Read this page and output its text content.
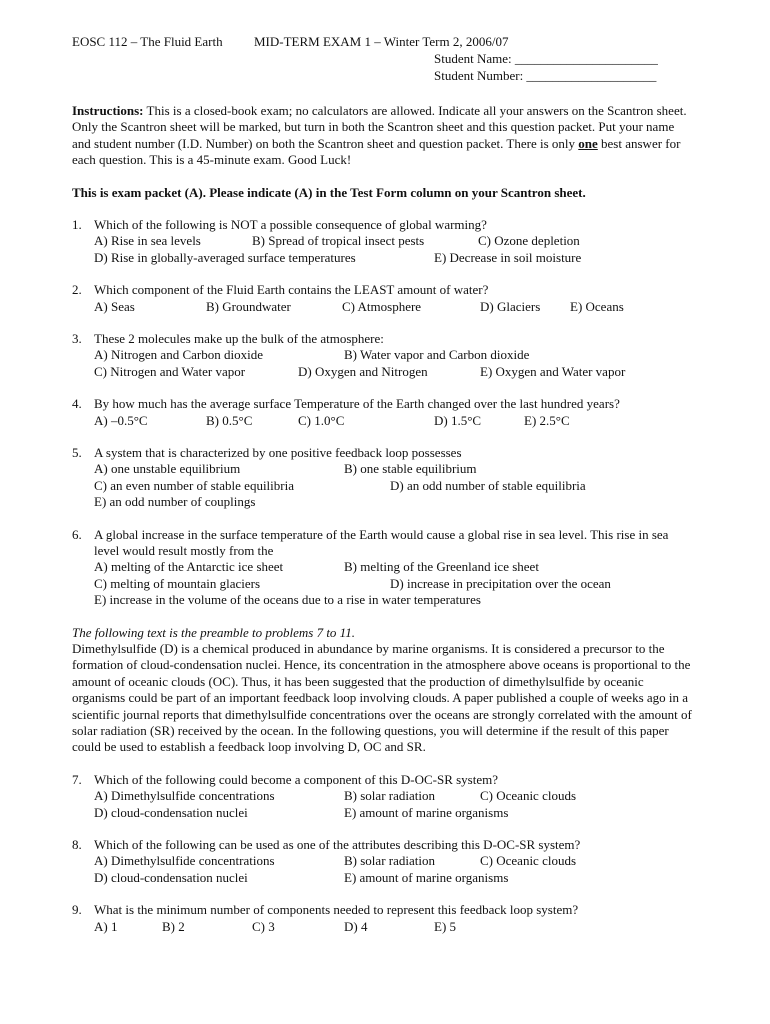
EOSC 112 – The Fluid Earth MID-TERM EXAM 1 – Winter Term 2, 2006/07
Student Name: ______________________
Student Number: ____________________
Instructions: This is a closed-book exam; no calculators are allowed. Indicate all your answers on the Scantron sheet. Only the Scantron sheet will be marked, but turn in both the Scantron sheet and this question packet. Put your name and student number (I.D. Number) on both the Scantron sheet and question packet. There is only one best answer for each question. This is a 45-minute exam. Good Luck!
This is exam packet (A). Please indicate (A) in the Test Form column on your Scantron sheet.
1. Which of the following is NOT a possible consequence of global warming?
A) Rise in sea levels	B) Spread of tropical insect pests	C) Ozone depletion
D) Rise in globally-averaged surface temperatures	E) Decrease in soil moisture
2. Which component of the Fluid Earth contains the LEAST amount of water?
A) Seas	B) Groundwater	C) Atmosphere	D) Glaciers E) Oceans
3. These 2 molecules make up the bulk of the atmosphere:
A) Nitrogen and Carbon dioxide	B) Water vapor and Carbon dioxide
C) Nitrogen and Water vapor	D) Oxygen and Nitrogen	E) Oxygen and Water vapor
4. By how much has the average surface Temperature of the Earth changed over the last hundred years?
A) –0.5°C	B) 0.5°C	C) 1.0°C	D) 1.5°C	E) 2.5°C
5. A system that is characterized by one positive feedback loop possesses
A) one unstable equilibrium	B) one stable equilibrium
C) an even number of stable equilibria	D) an odd number of stable equilibria
E) an odd number of couplings
6. A global increase in the surface temperature of the Earth would cause a global rise in sea level. This rise in sea level would result mostly from the
A) melting of the Antarctic ice sheet	B) melting of the Greenland ice sheet
C) melting of mountain glaciers	D) increase in precipitation over the ocean
E) increase in the volume of the oceans due to a rise in water temperatures
The following text is the preamble to problems 7 to 11.
Dimethylsulfide (D) is a chemical produced in abundance by marine organisms. It is considered a precursor to the formation of cloud-condensation nuclei. Hence, its concentration in the atmosphere above oceans is proportional to the amount of oceanic clouds (OC). Thus, it has been suggested that the production of dimethylsulfide by oceanic organisms could be part of an important feedback loop involving clouds. A paper published a couple of weeks ago in a scientific journal reports that dimethylsulfide concentrations over the oceans are strongly correlated with the amount of solar radiation (SR) received by the ocean. In the following questions, you will determine if the result of this paper could be used to establish a feedback loop involving D, OC and SR.
7. Which of the following could become a component of this D-OC-SR system?
A) Dimethylsulfide concentrations	B) solar radiation	C) Oceanic clouds
D) cloud-condensation nuclei	E) amount of marine organisms
8. Which of the following can be used as one of the attributes describing this D-OC-SR system?
A) Dimethylsulfide concentrations	B) solar radiation	C) Oceanic clouds
D) cloud-condensation nuclei	E) amount of marine organisms
9. What is the minimum number of components needed to represent this feedback loop system?
A) 1	B) 2	C) 3	D) 4	E) 5
